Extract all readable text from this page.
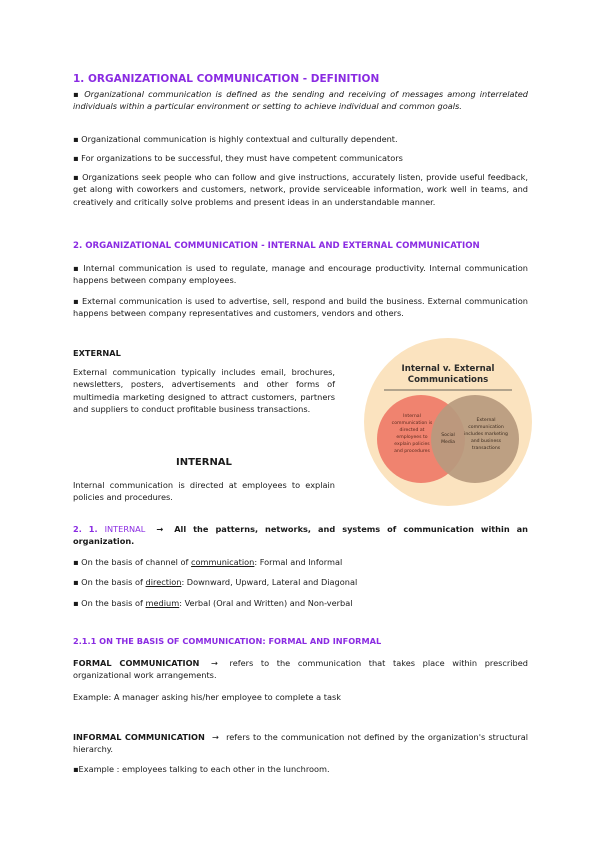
1. ORGANIZATIONAL COMMUNICATION - DEFINITION
▪ Organizational communication is defined as the sending and receiving of messages among interrelated individuals within a particular environment or setting to achieve individual and common goals.
▪ Organizational communication is highly contextual and culturally dependent.
▪ For organizations to be successful, they must have competent communicators
▪ Organizations seek people who can follow and give instructions, accurately listen, provide useful feedback, get along with coworkers and customers, network, provide serviceable information, work well in teams, and creatively and critically solve problems and present ideas in an understandable manner.
2. ORGANIZATIONAL COMMUNICATION - INTERNAL AND EXTERNAL COMMUNICATION
▪ Internal communication is used to regulate, manage and encourage productivity. Internal communication happens between company employees.
▪ External communication is used to advertise, sell, respond and build the business. External communication happens between company representatives and customers, vendors and others.
EXTERNAL
External communication typically includes email, brochures, newsletters, posters, advertisements and other forms of multimedia marketing designed to attract customers, partners and suppliers to conduct profitable business transactions.
INTERNAL
Internal communication is directed at employees to explain policies and procedures.
Internal v. External
Communications
Internal
communication is
directed at
employees to
explain policies
and procedures
Social
Media
External
communication
includes marketing
and business
transactions
2. 1. INTERNAL → All the patterns, networks, and systems of communication within an organization.
▪ On the basis of channel of communication: Formal and Informal
▪ On the basis of direction: Downward, Upward, Lateral and Diagonal
▪ On the basis of medium: Verbal (Oral and Written) and Non-verbal
2.1.1 ON THE BASIS OF COMMUNICATION: FORMAL AND INFORMAL
FORMAL COMMUNICATION → refers to the communication that takes place within prescribed organizational work arrangements.
Example: A manager asking his/her employee to complete a task
INFORMAL COMMUNICATION → refers to the communication not defined by the organization's structural hierarchy.
▪Example : employees talking to each other in the lunchroom.
